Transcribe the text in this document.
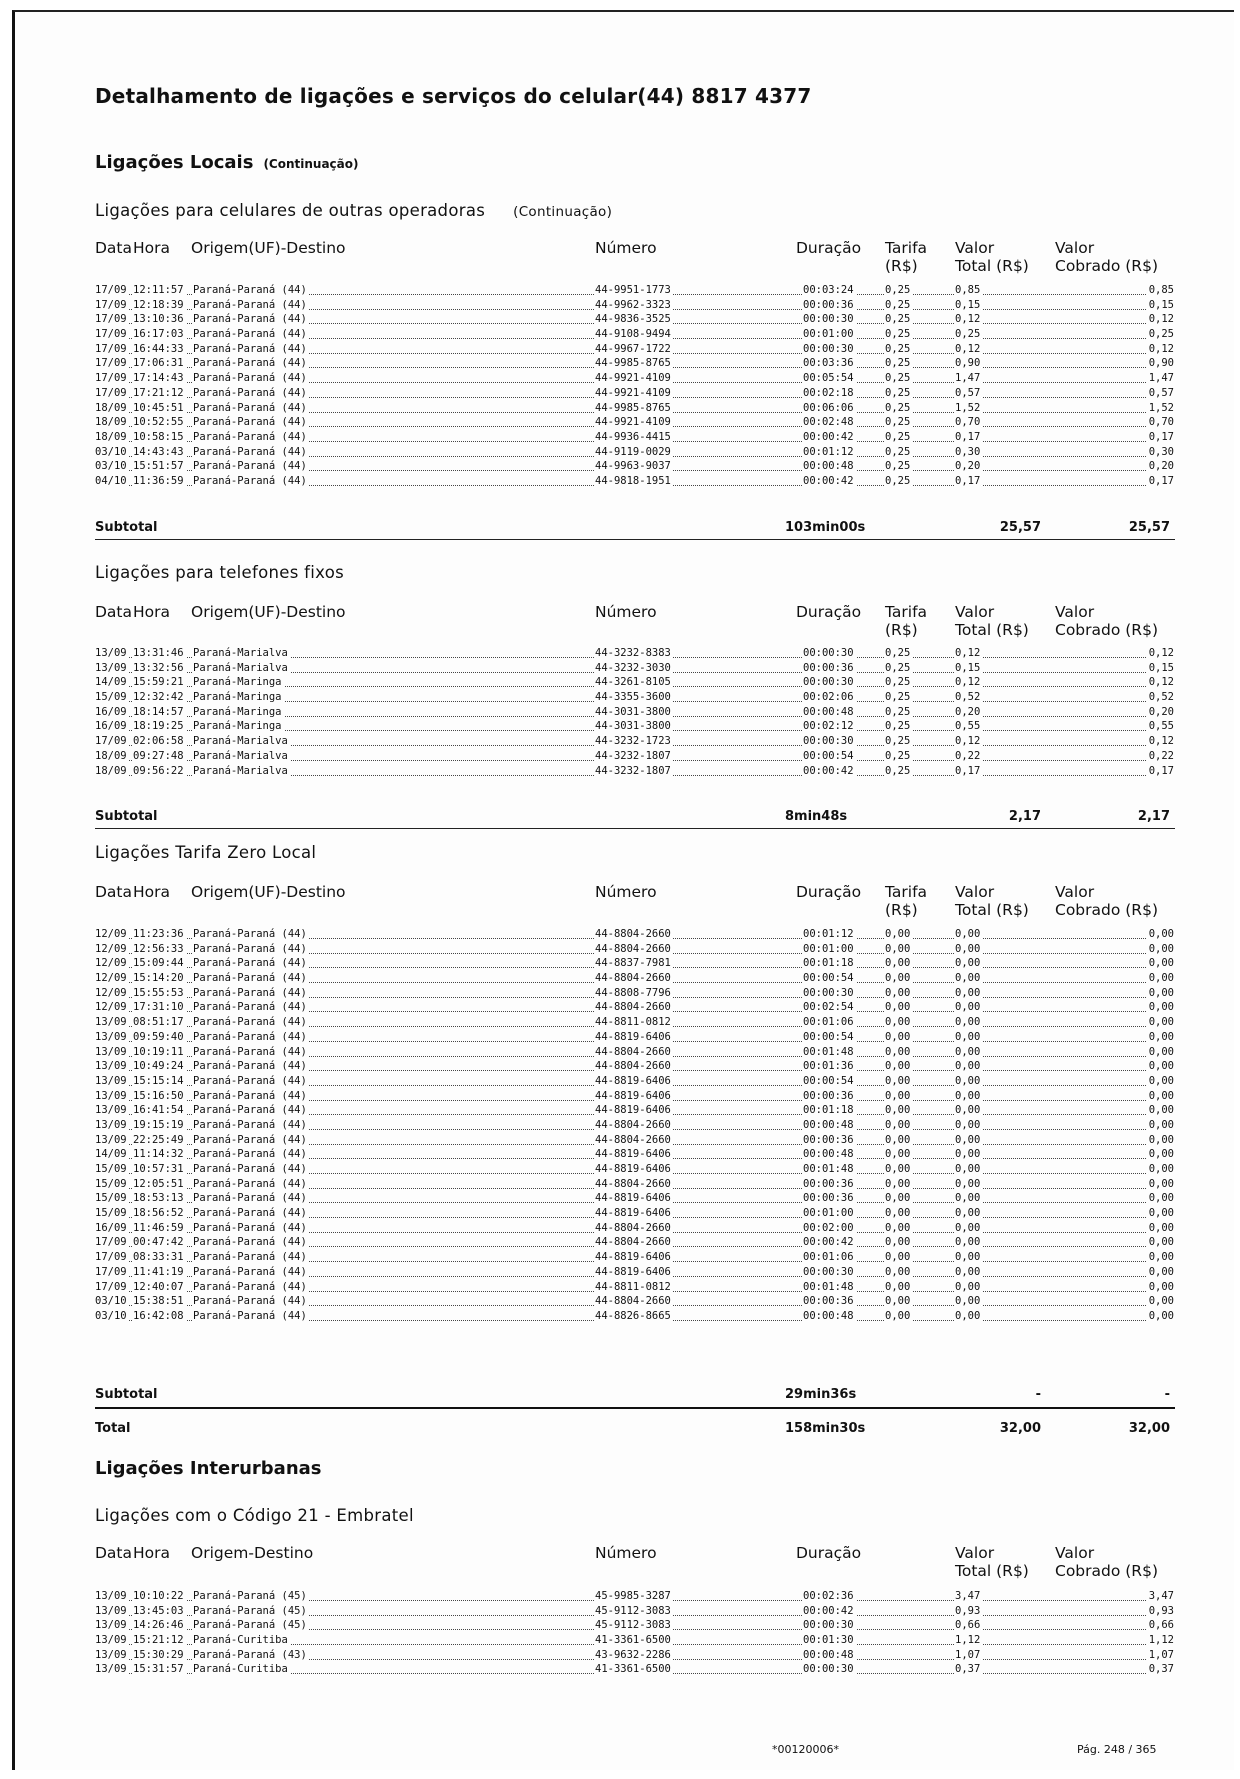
Detalhamento de ligações e serviços do celular(44) 8817 4377
Ligações Locais (Continuação)
Ligações para celulares de outras operadoras (Continuação)
Data Hora Origem(UF)-Destino	Número	Duração Tarifa
(R$)
Valor
Total (R$)
Valor
Cobrado (R$)
17/09 12:11:57 Paraná-Paraná (44)	44-9951-1773	00:03:24	0,25	0,85	0,85
17/09 12:18:39 Paraná-Paraná (44)	44-9962-3323	00:00:36	0,25	0,15	0,15
17/09 13:10:36 Paraná-Paraná (44)	44-9836-3525	00:00:30	0,25	0,12	0,12
17/09 16:17:03 Paraná-Paraná (44)	44-9108-9494	00:01:00	0,25	0,25	0,25
17/09 16:44:33 Paraná-Paraná (44)	44-9967-1722	00:00:30	0,25	0,12	0,12
17/09 17:06:31 Paraná-Paraná (44)	44-9985-8765	00:03:36	0,25	0,90	0,90
17/09 17:14:43 Paraná-Paraná (44)	44-9921-4109	00:05:54	0,25	1,47	1,47
17/09 17:21:12 Paraná-Paraná (44)	44-9921-4109	00:02:18	0,25	0,57	0,57
18/09 10:45:51 Paraná-Paraná (44)	44-9985-8765	00:06:06	0,25	1,52	1,52
18/09 10:52:55 Paraná-Paraná (44)	44-9921-4109	00:02:48	0,25	0,70	0,70
18/09 10:58:15 Paraná-Paraná (44)	44-9936-4415	00:00:42	0,25	0,17	0,17
03/10 14:43:43 Paraná-Paraná (44)	44-9119-0029	00:01:12	0,25	0,30	0,30
03/10 15:51:57 Paraná-Paraná (44)	44-9963-9037	00:00:48	0,25	0,20	0,20
04/10 11:36:59 Paraná-Paraná (44)	44-9818-1951	00:00:42	0,25	0,17	0,17
Subtotal	103min00s	25,57	25,57
Ligações para telefones fixos
Data Hora Origem(UF)-Destino	Número	Duração Tarifa
(R$)
Valor
Total (R$)
Valor
Cobrado (R$)
13/09 13:31:46 Paraná-Marialva	44-3232-8383	00:00:30	0,25	0,12	0,12
13/09 13:32:56 Paraná-Marialva	44-3232-3030	00:00:36	0,25	0,15	0,15
14/09 15:59:21 Paraná-Maringa	44-3261-8105	00:00:30	0,25	0,12	0,12
15/09 12:32:42 Paraná-Maringa	44-3355-3600	00:02:06	0,25	0,52	0,52
16/09 18:14:57 Paraná-Maringa	44-3031-3800	00:00:48	0,25	0,20	0,20
16/09 18:19:25 Paraná-Maringa	44-3031-3800	00:02:12	0,25	0,55	0,55
17/09 02:06:58 Paraná-Marialva	44-3232-1723	00:00:30	0,25	0,12	0,12
18/09 09:27:48 Paraná-Marialva	44-3232-1807	00:00:54	0,25	0,22	0,22
18/09 09:56:22 Paraná-Marialva	44-3232-1807	00:00:42	0,25	0,17	0,17
Subtotal	8min48s	2,17	2,17
Ligações Tarifa Zero Local
Data Hora Origem(UF)-Destino	Número	Duração Tarifa
(R$)
Valor
Total (R$)
Valor
Cobrado (R$)
12/09 11:23:36 Paraná-Paraná (44)	44-8804-2660	00:01:12	0,00	0,00	0,00
12/09 12:56:33 Paraná-Paraná (44)	44-8804-2660	00:01:00	0,00	0,00	0,00
12/09 15:09:44 Paraná-Paraná (44)	44-8837-7981	00:01:18	0,00	0,00	0,00
12/09 15:14:20 Paraná-Paraná (44)	44-8804-2660	00:00:54	0,00	0,00	0,00
12/09 15:55:53 Paraná-Paraná (44)	44-8808-7796	00:00:30	0,00	0,00	0,00
12/09 17:31:10 Paraná-Paraná (44)	44-8804-2660	00:02:54	0,00	0,00	0,00
13/09 08:51:17 Paraná-Paraná (44)	44-8811-0812	00:01:06	0,00	0,00	0,00
13/09 09:59:40 Paraná-Paraná (44)	44-8819-6406	00:00:54	0,00	0,00	0,00
13/09 10:19:11 Paraná-Paraná (44)	44-8804-2660	00:01:48	0,00	0,00	0,00
13/09 10:49:24 Paraná-Paraná (44)	44-8804-2660	00:01:36	0,00	0,00	0,00
13/09 15:15:14 Paraná-Paraná (44)	44-8819-6406	00:00:54	0,00	0,00	0,00
13/09 15:16:50 Paraná-Paraná (44)	44-8819-6406	00:00:36	0,00	0,00	0,00
13/09 16:41:54 Paraná-Paraná (44)	44-8819-6406	00:01:18	0,00	0,00	0,00
13/09 19:15:19 Paraná-Paraná (44)	44-8804-2660	00:00:48	0,00	0,00	0,00
13/09 22:25:49 Paraná-Paraná (44)	44-8804-2660	00:00:36	0,00	0,00	0,00
14/09 11:14:32 Paraná-Paraná (44)	44-8819-6406	00:00:48	0,00	0,00	0,00
15/09 10:57:31 Paraná-Paraná (44)	44-8819-6406	00:01:48	0,00	0,00	0,00
15/09 12:05:51 Paraná-Paraná (44)	44-8804-2660	00:00:36	0,00	0,00	0,00
15/09 18:53:13 Paraná-Paraná (44)	44-8819-6406	00:00:36	0,00	0,00	0,00
15/09 18:56:52 Paraná-Paraná (44)	44-8819-6406	00:01:00	0,00	0,00	0,00
16/09 11:46:59 Paraná-Paraná (44)	44-8804-2660	00:02:00	0,00	0,00	0,00
17/09 00:47:42 Paraná-Paraná (44)	44-8804-2660	00:00:42	0,00	0,00	0,00
17/09 08:33:31 Paraná-Paraná (44)	44-8819-6406	00:01:06	0,00	0,00	0,00
17/09 11:41:19 Paraná-Paraná (44)	44-8819-6406	00:00:30	0,00	0,00	0,00
17/09 12:40:07 Paraná-Paraná (44)	44-8811-0812	00:01:48	0,00	0,00	0,00
03/10 15:38:51 Paraná-Paraná (44)	44-8804-2660	00:00:36	0,00	0,00	0,00
03/10 16:42:08 Paraná-Paraná (44)	44-8826-8665	00:00:48	0,00	0,00	0,00
Subtotal	29min36s	-	-
Total	158min30s	32,00	32,00
Ligações Interurbanas
Ligações com o Código 21 - Embratel
Data Hora Origem-Destino	Número	Duração	Valor
Total (R$)
Valor
Cobrado (R$)
13/09 10:10:22 Paraná-Paraná (45)	45-9985-3287	00:02:36	3,47	3,47
13/09 13:45:03 Paraná-Paraná (45)	45-9112-3083	00:00:42	0,93	0,93
13/09 14:26:46 Paraná-Paraná (45)	45-9112-3083	00:00:30	0,66	0,66
13/09 15:21:12 Paraná-Curitiba	41-3361-6500	00:01:30	1,12	1,12
13/09 15:30:29 Paraná-Paraná (43)	43-9632-2286	00:00:48	1,07	1,07
13/09 15:31:57 Paraná-Curitiba	41-3361-6500	00:00:30	0,37	0,37
*00120006*	Pág. 248 / 365
